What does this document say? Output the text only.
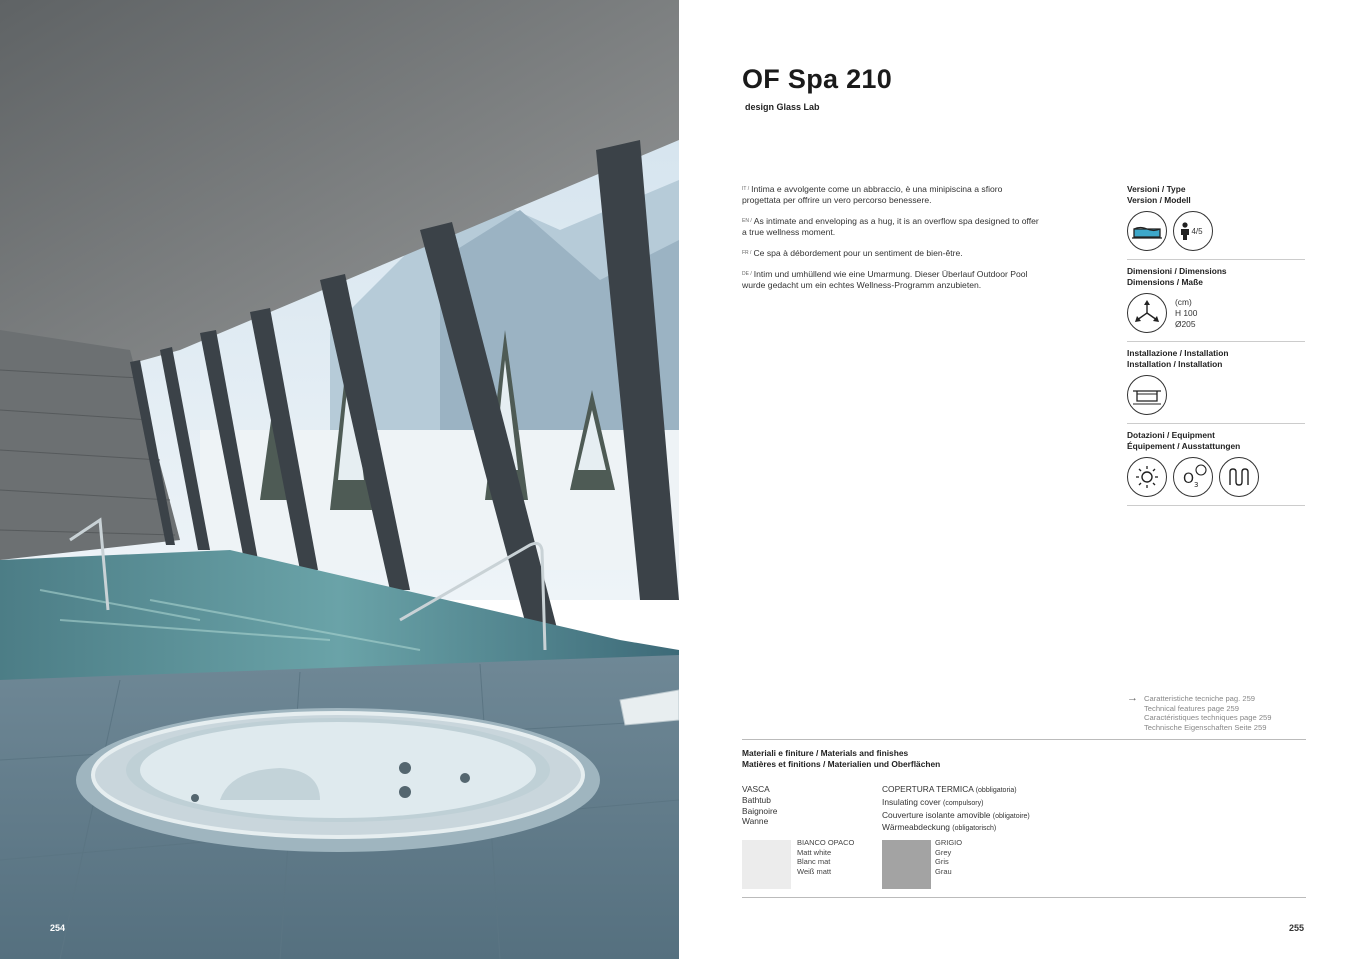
254
OF Spa 210
design Glass Lab

$^{IT /}$ Intima e avvolgente come un abbraccio, è una minipiscina a sfioro progettata per offrire un vero percorso benessere.

$^{EN /}$ As intimate and enveloping as a hug, it is an overflow spa designed to offer a true wellness moment.

$^{FR /}$ Ce spa à débordement pour un sentiment de bien-être.

$^{DE /}$ Intim und umhüllend wie eine Umarmung. Dieser Überlauf Outdoor Pool wurde gedacht um ein echtes Wellness-Programm anzubieten.

Versioni / Type
Version / Modell
4/5
Dimensioni / Dimensions
Dimensions / Maße
(cm)
H 100
Ø205
Installazione / Installation
Installation / Installation
Dotazioni / Equipment
Équipement / Ausstattungen
O 3
→ Caratteristiche tecniche pag. 259
Technical features page 259
Caractéristiques techniques page 259
Technische Eigenschaften Seite 259
Materiali e finiture / Materials and finishes
Matières et finitions / Materialien und Oberflächen
VASCA
Bathtub
Baignoire
Wanne
COPERTURA TERMICA (obbligatoria)
Insulating cover (compulsory)
Couverture isolante amovible (obligatoire)
Wärmeabdeckung (obligatorisch)
BIANCO OPACO
Matt white
Blanc mat
Weiß matt
GRIGIO
Grey
Gris
Grau
255
